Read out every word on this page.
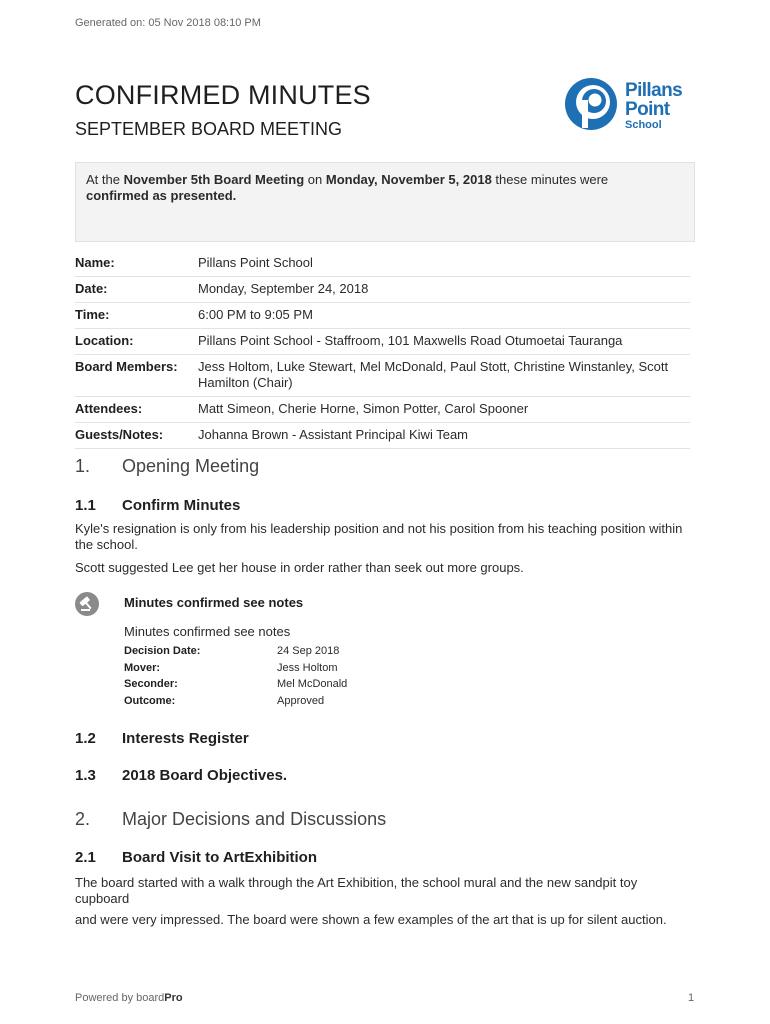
Generated on: 05 Nov 2018 08:10 PM
CONFIRMED MINUTES
SEPTEMBER BOARD MEETING
Pillans
Point
School
At the November 5th Board Meeting on Monday, November 5, 2018 these minutes were
confirmed as presented.
Name:	Pillans Point School
Date:	Monday, September 24, 2018
Time:	6:00 PM to 9:05 PM
Location:	Pillans Point School - Staffroom, 101 Maxwells Road Otumoetai Tauranga
Board Members:	Jess Holtom, Luke Stewart, Mel McDonald, Paul Stott, Christine Winstanley, Scott Hamilton (Chair)
Attendees:	Matt Simeon, Cherie Horne, Simon Potter, Carol Spooner
Guests/Notes:	Johanna Brown - Assistant Principal Kiwi Team
1. Opening Meeting
1.1 Confirm Minutes
Kyle's resignation is only from his leadership position and not his position from his teaching position within the school.
Scott suggested Lee get her house in order rather than seek out more groups.
Minutes confirmed see notes
Minutes confirmed see notes
Decision Date:	24 Sep 2018
Mover:	Jess Holtom
Seconder:	Mel McDonald
Outcome:	Approved
1.2 Interests Register
1.3 2018 Board Objectives.
2. Major Decisions and Discussions
2.1 Board Visit to ArtExhibition
The board started with a walk through the Art Exhibition, the school mural and the new sandpit toy cupboard
and were very impressed. The board were shown a few examples of the art that is up for silent auction.
Powered by boardPro	1
